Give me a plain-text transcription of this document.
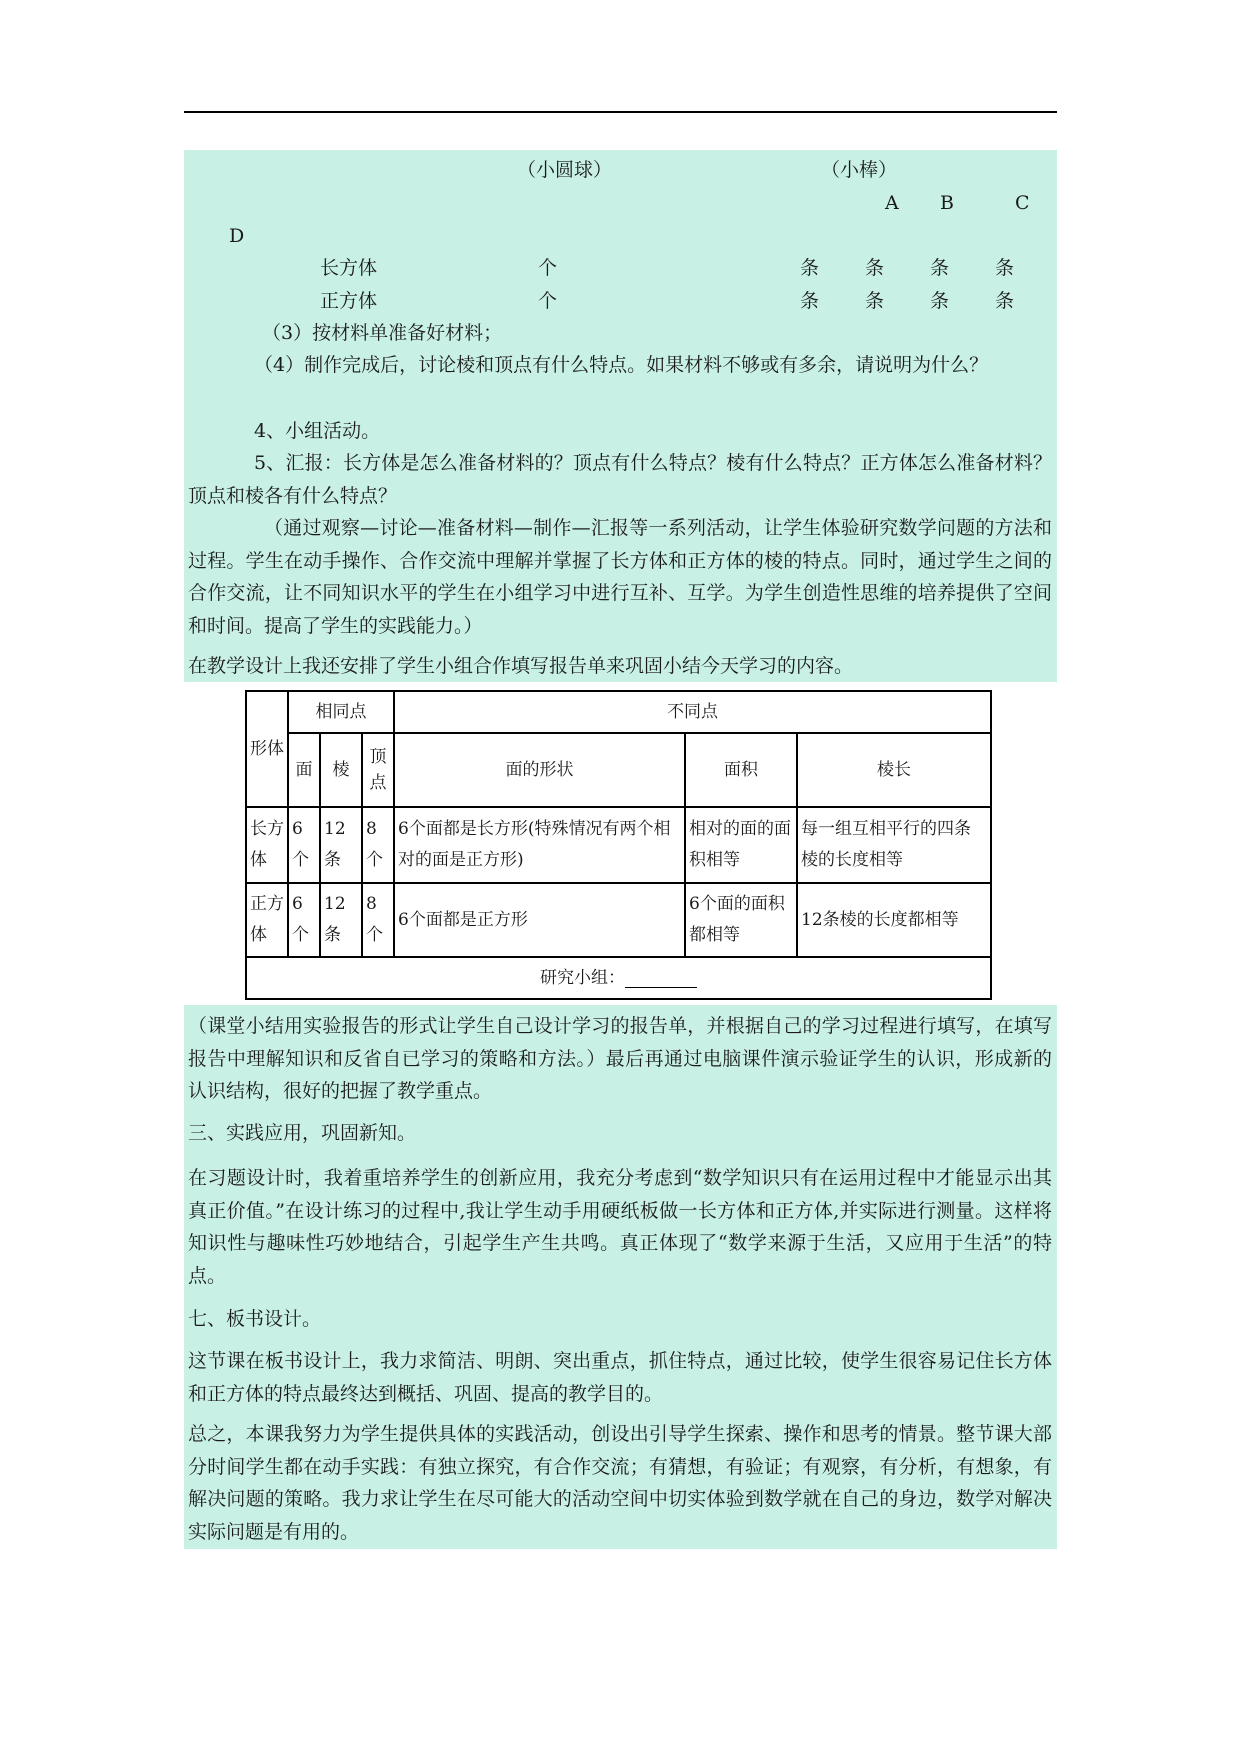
（小圆球）	（小棒）
A B	C
D
长方体	个	条 条 条 条
正方体	个	条 条 条 条
（3）按材料单准备好材料；
（4）制作完成后，讨论棱和顶点有什么特点。如果材料不够或有多余，请说明为什么？
4、小组活动。
5、汇报：长方体是怎么准备材料的？顶点有什么特点？棱有什么特点？正方体怎么准备材料？顶点和棱各有什么特点？
（通过观察—讨论—准备材料—制作—汇报等一系列活动，让学生体验研究数学问题的方法和过程。学生在动手操作、合作交流中理解并掌握了长方体和正方体的棱的特点。同时，通过学生之间的合作交流，让不同知识水平的学生在小组学习中进行互补、互学。为学生创造性思维的培养提供了空间和时间。提高了学生的实践能力。）
在教学设计上我还安排了学生小组合作填写报告单来巩固小结今天学习的内容。
形体	相同点			不同点		
	面	棱	顶点	面的形状	面积	棱长
长方体	6个	12条	8个	6个面都是长方形(特殊情况有两个相对的面是正方形)	相对的面的面积相等	每一组互相平行的四条棱的长度相等
正方体	6个	12条	8个	6个面都是正方形	6个面的面积都相等	12条棱的长度都相等
研究小组：						
（课堂小结用实验报告的形式让学生自己设计学习的报告单，并根据自己的学习过程进行填写，在填写报告中理解知识和反省自已学习的策略和方法。）最后再通过电脑课件演示验证学生的认识，形成新的认识结构，很好的把握了教学重点。
三、实践应用，巩固新知。
在习题设计时，我着重培养学生的创新应用，我充分考虑到“数学知识只有在运用过程中才能显示出其真正价值。”在设计练习的过程中,我让学生动手用硬纸板做一长方体和正方体,并实际进行测量。这样将知识性与趣味性巧妙地结合，引起学生产生共鸣。真正体现了“数学来源于生活，又应用于生活”的特点。
七、板书设计。
这节课在板书设计上，我力求简洁、明朗、突出重点，抓住特点，通过比较，使学生很容易记住长方体和正方体的特点最终达到概括、巩固、提高的教学目的。
总之，本课我努力为学生提供具体的实践活动，创设出引导学生探索、操作和思考的情景。整节课大部分时间学生都在动手实践：有独立探究，有合作交流；有猜想，有验证；有观察，有分析，有想象，有解决问题的策略。我力求让学生在尽可能大的活动空间中切实体验到数学就在自己的身边，数学对解决实际问题是有用的。
